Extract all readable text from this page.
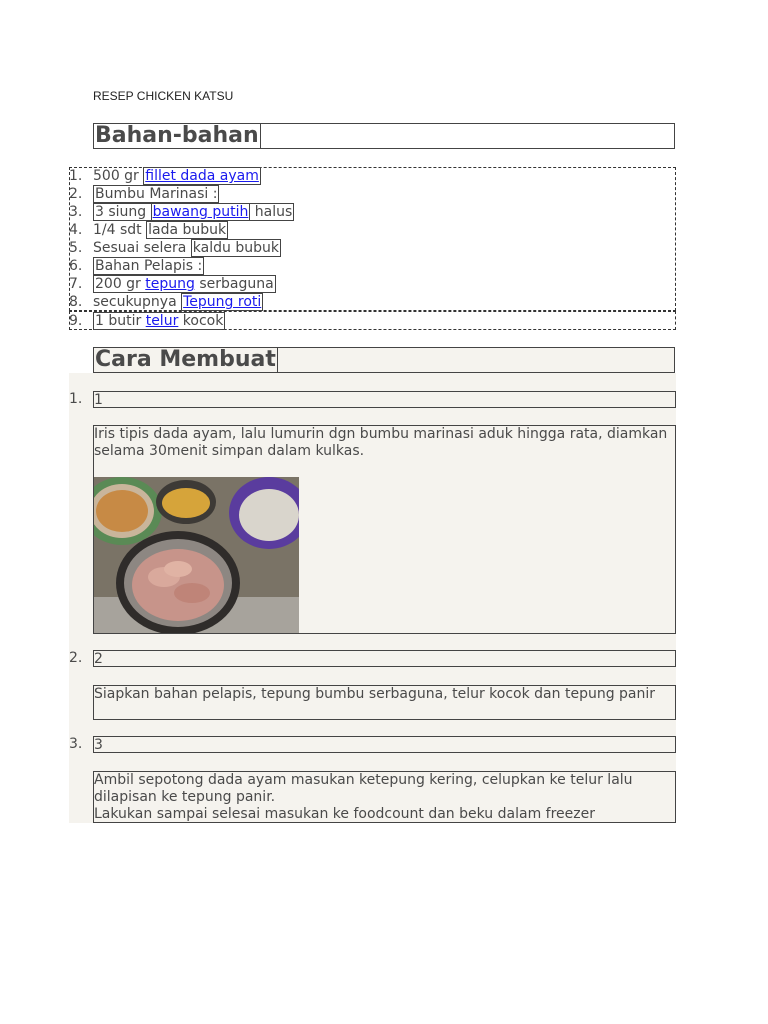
RESEP CHICKEN KATSU
Bahan-bahan
1. 500 gr fillet dada ayam
2. Bumbu Marinasi :
3. 3 siung bawang putih halus
4. 1/4 sdt lada bubuk
5. Sesuai selera kaldu bubuk
6. Bahan Pelapis :
7. 200 gr tepung serbaguna
8. secukupnya Tepung roti
9. 1 butir telur kocok
Cara Membuat
1. 1
Iris tipis dada ayam, lalu lumurin dgn bumbu marinasi aduk hingga rata, diamkan selama 30menit simpan dalam kulkas.
2. 2
Siapkan bahan pelapis, tepung bumbu serbaguna, telur kocok dan tepung panir
3. 3
Ambil sepotong dada ayam masukan ketepung kering, celupkan ke telur lalu dilapisan ke tepung panir.
Lakukan sampai selesai masukan ke foodcount dan beku dalam freezer
